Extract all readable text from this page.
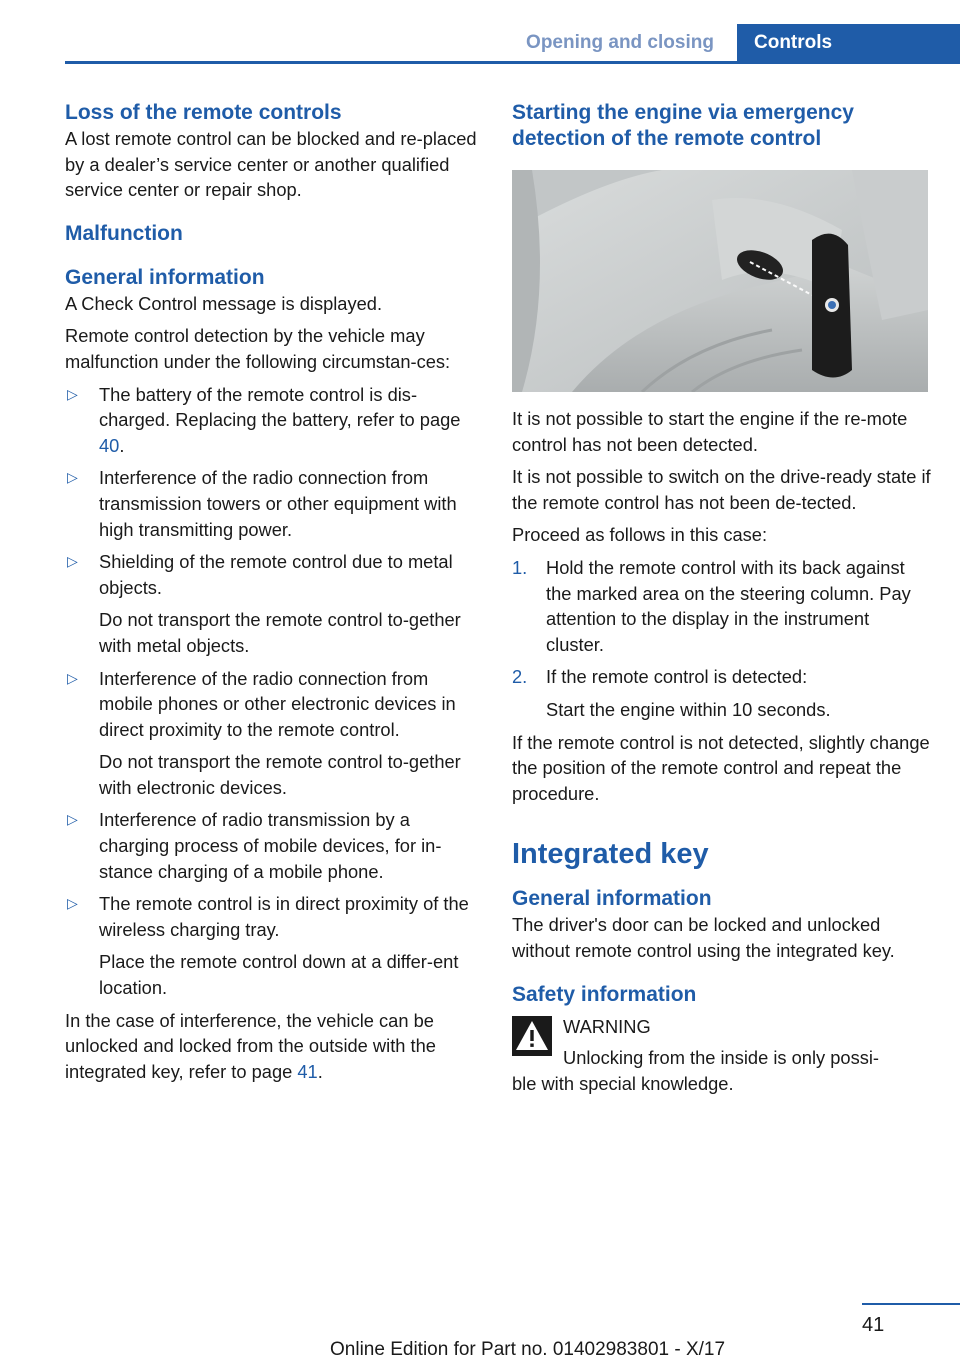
Opening and closing	Controls
Loss of the remote controls

A lost remote control can be blocked and re-placed by a dealer’s service center or another qualified service center or repair shop.

Malfunction
General information

A Check Control message is displayed.

Remote control detection by the vehicle may malfunction under the following circumstan-ces:

▷ The battery of the remote control is dis-charged. Replacing the battery, refer to page 40.
▷ Interference of the radio connection from transmission towers or other equipment with high transmitting power.
▷ Shielding of the remote control due to metal objects.

Do not transport the remote control to-gether with metal objects.

▷ Interference of the radio connection from mobile phones or other electronic devices in direct proximity to the remote control.

Do not transport the remote control to-gether with electronic devices.

▷ Interference of radio transmission by a charging process of mobile devices, for in-stance charging of a mobile phone.
▷ The remote control is in direct proximity of the wireless charging tray.

Place the remote control down at a differ-ent location.

In the case of interference, the vehicle can be unlocked and locked from the outside with the integrated key, refer to page 41.

Starting the engine via emergency detection of the remote control

It is not possible to start the engine if the re-mote control has not been detected.

It is not possible to switch on the drive-ready state if the remote control has not been de-tected.

Proceed as follows in this case:

1. Hold the remote control with its back against the marked area on the steering column. Pay attention to the display in the instrument cluster.
2. If the remote control is detected:

Start the engine within 10 seconds.

If the remote control is not detected, slightly change the position of the remote control and repeat the procedure.

Integrated key
General information

The driver's door can be locked and unlocked without remote control using the integrated key.

Safety information

WARNING

Unlocking from the inside is only possi-

ble with special knowledge.

41
Online Edition for Part no. 01402983801 - X/17
